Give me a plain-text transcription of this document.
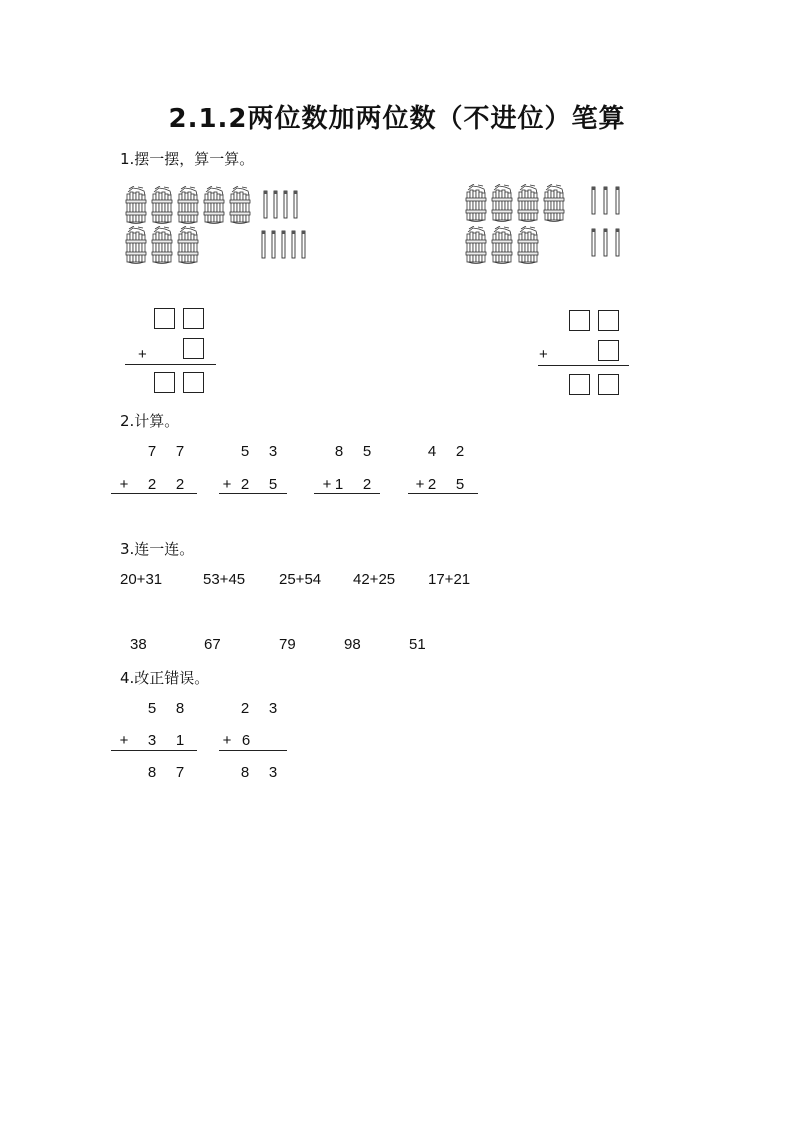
2.1.2两位数加两位数（不进位）笔算
1.摆一摆，算一算。
+	+
2.计算。
7 7
+ 2 2
5 3
+ 2 5
8 5
+ 1 2
4 2
+ 2 5
3.连一连。
20+31	53+45 25+54 42+25 17+21
38	67	79	98	51
4.改正错误。
5 8
+ 3 1
8 7
2 3
+ 6
8 3
